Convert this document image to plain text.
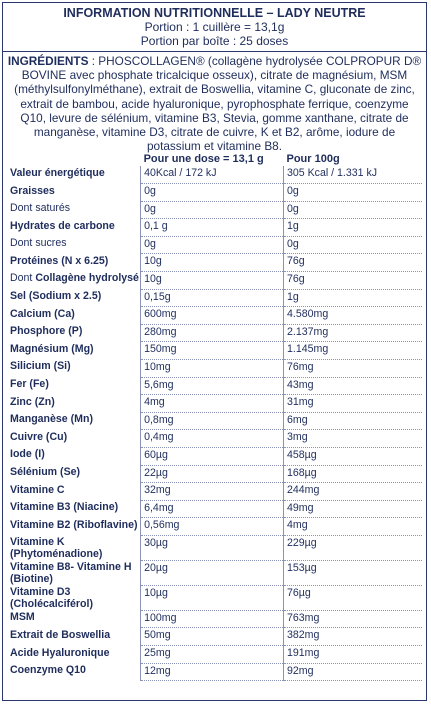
INFORMATION NUTRITIONNELLE – LADY NEUTRE
Portion : 1 cuillère = 13,1g
Portion par boîte : 25 doses
INGRÉDIENTS : PHOSCOLLAGEN® (collagène hydrolysée COLPROPUR D® BOVINE avec phosphate tricalcique osseux), citrate de magnésium, MSM (méthylsulfonylméthane), extrait de Boswellia, vitamine C, gluconate de zinc, extrait de bambou, acide hyaluronique, pyrophosphate ferrique, coenzyme Q10, levure de sélénium, vitamine B3, Stevia, gomme xanthane, citrate de manganèse, vitamine D3, citrate de cuivre, K et B2, arôme, iodure de potassium et vitamine B8.
	Pour une dose = 13,1 g	Pour 100g
Valeur énergétique	40Kcal / 172 kJ	305 Kcal / 1.331 kJ
Graisses	0g	0g
Dont saturés	0g	0g
Hydrates de carbone	0,1 g	1g
Dont sucres	0g	0g
Protéines (N x 6.25)	10g	76g
Dont Collagène hydrolysé	10g	76g
Sel (Sodium x 2.5)	0,15g	1g
Calcium (Ca)	600mg	4.580mg
Phosphore (P)	280mg	2.137mg
Magnésium (Mg)	150mg	1.145mg
Silicium (Si)	10mg	76mg
Fer (Fe)	5,6mg	43mg
Zinc (Zn)	4mg	31mg
Manganèse (Mn)	0,8mg	6mg
Cuivre (Cu)	0,4mg	3mg
Iode (I)	60µg	458µg
Sélénium (Se)	22µg	168µg
Vitamine C	32mg	244mg
Vitamine B3 (Niacine)	6,4mg	49mg
Vitamine B2 (Riboflavine)	0,56mg	4mg
Vitamine K (Phytoménadione)	30µg	229µg
Vitamine B8- Vitamine H (Biotine)	20µg	153µg
Vitamine D3 (Cholécalciférol)	10µg	76µg
MSM	100mg	763mg
Extrait de Boswellia	50mg	382mg
Acide Hyaluronique	25mg	191mg
Coenzyme Q10	12mg	92mg
